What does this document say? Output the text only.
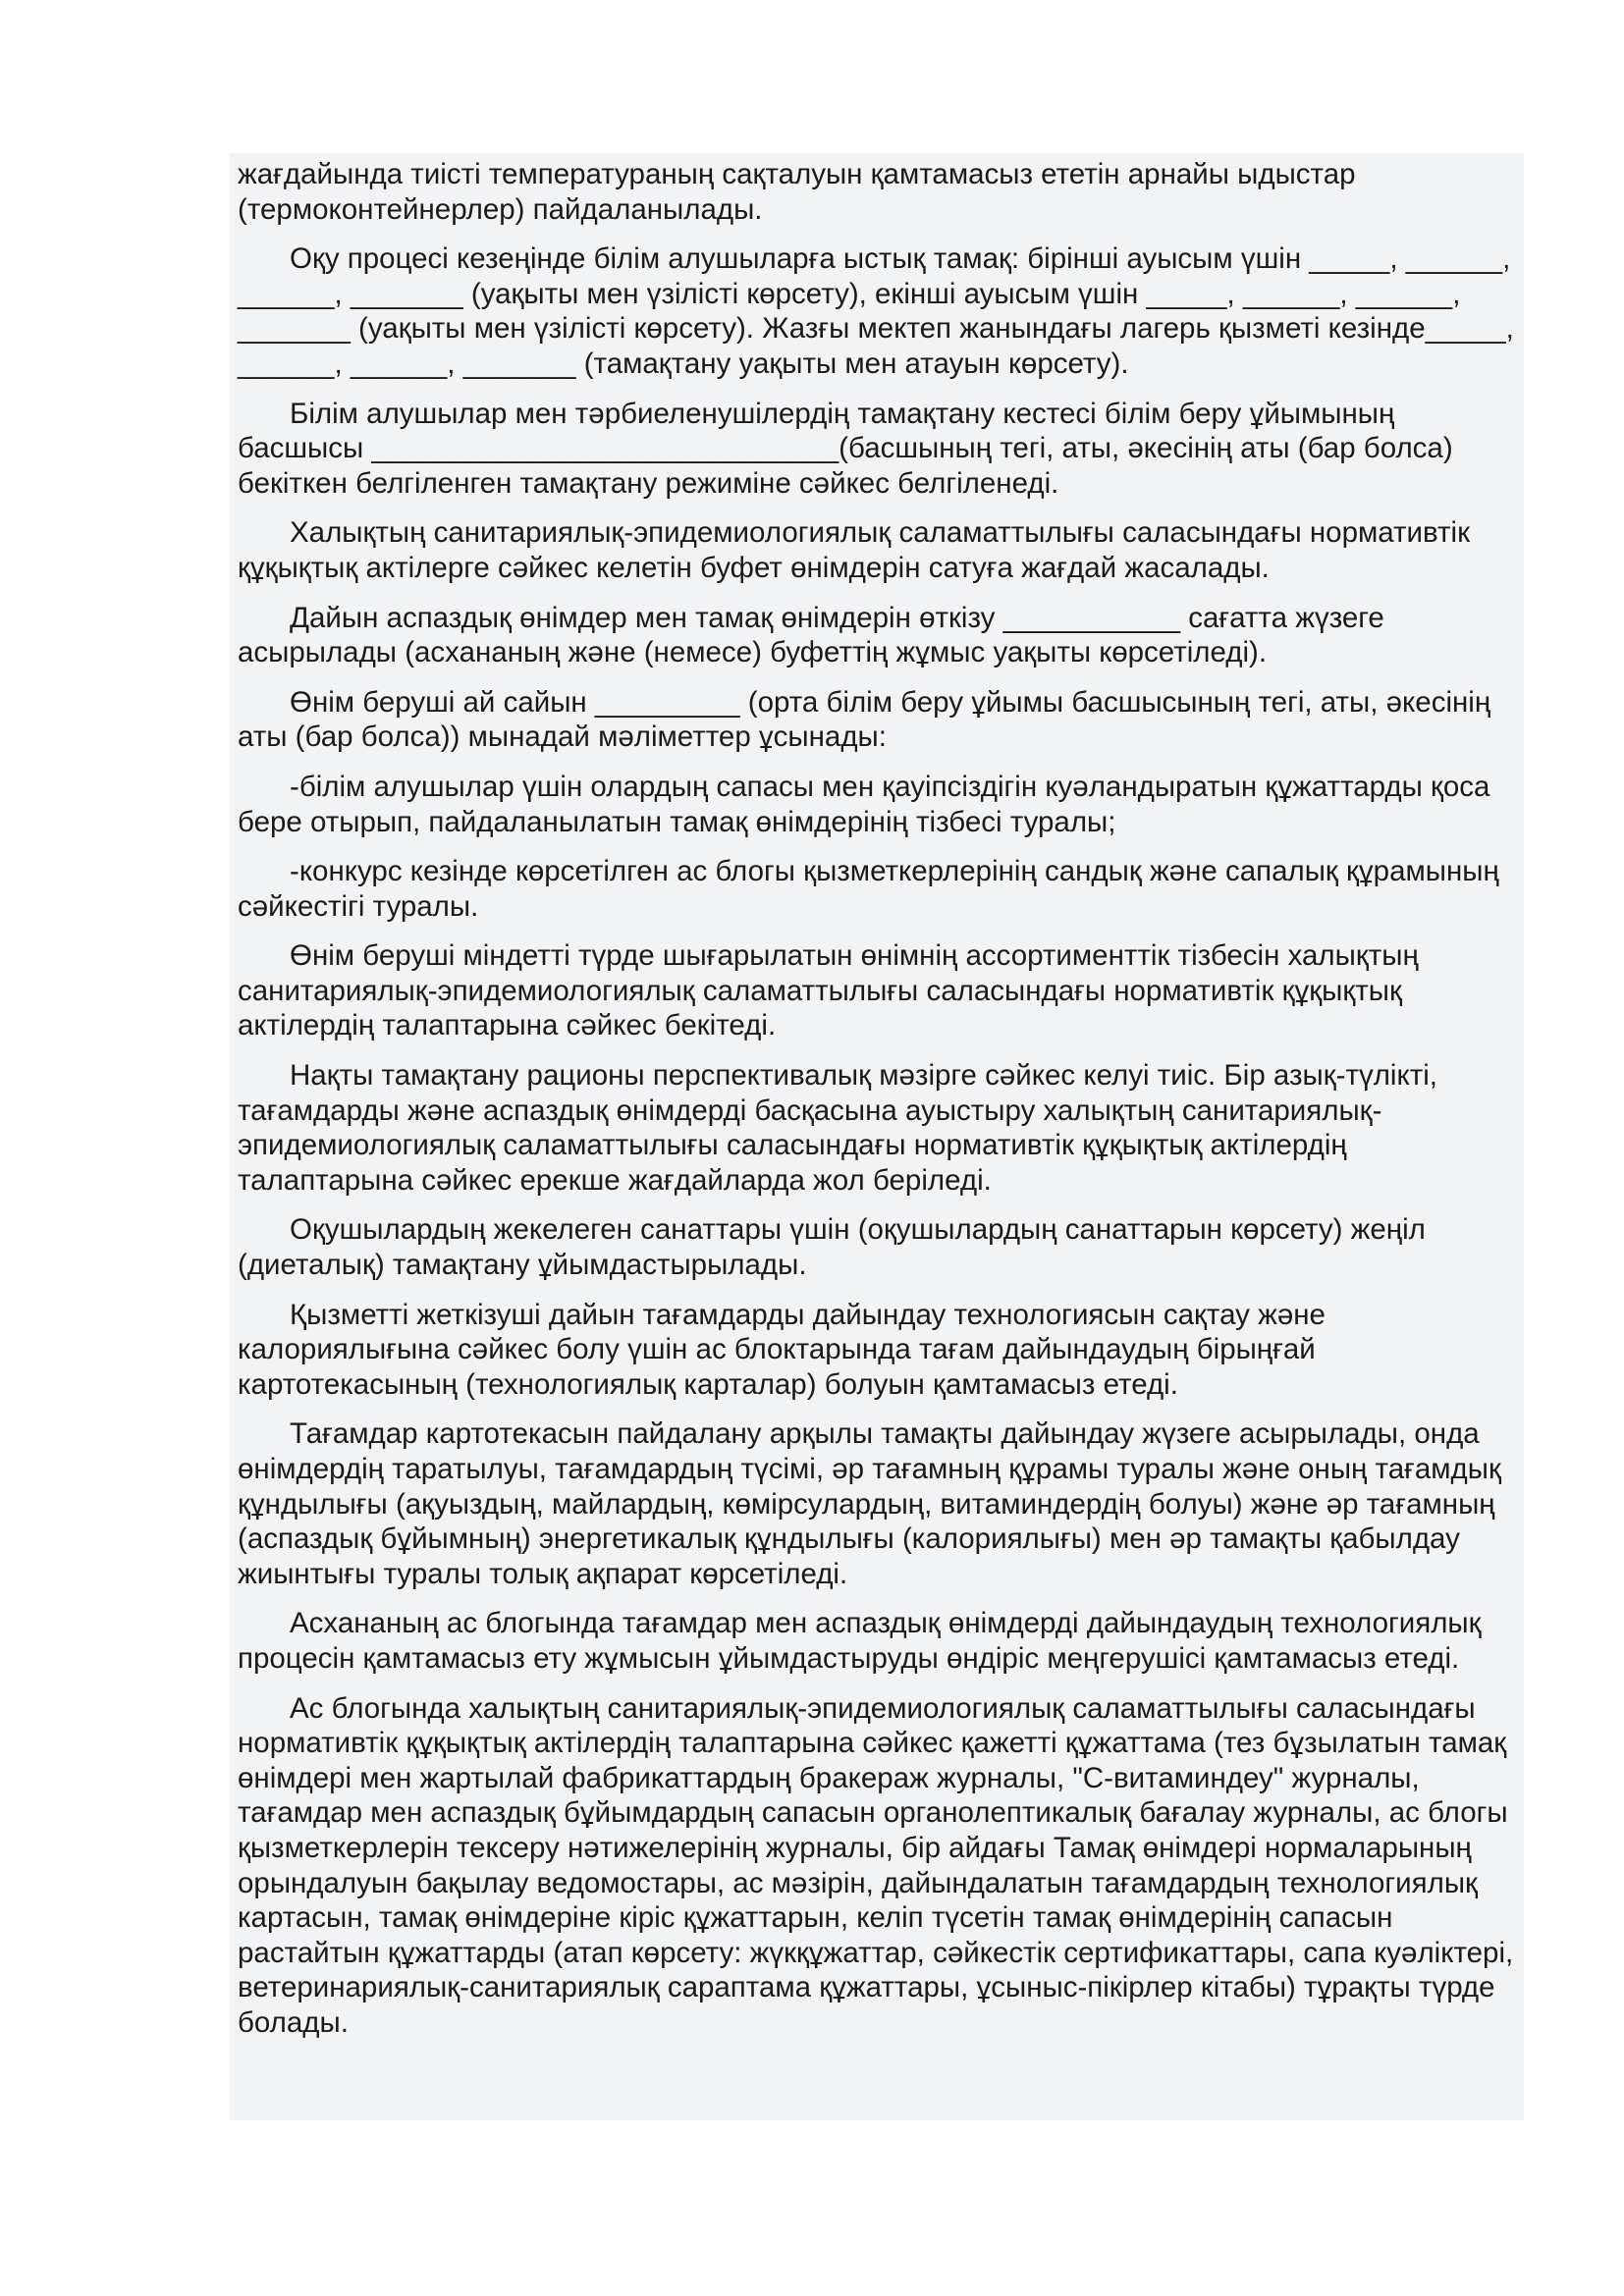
жағдайында тиісті температураның сақталуын қамтамасыз ететін арнайы ыдыстар (термоконтейнерлер) пайдаланылады.

Оқу процесі кезеңінде білім алушыларға ыстық тамақ: бірінші ауысым үшін _____, ______, ______, _______ (уақыты мен үзілісті көрсету), екінші ауысым үшін _____, ______, ______, _______ (уақыты мен үзілісті көрсету). Жазғы мектеп жанындағы лагерь қызметі кезінде_____, ______, ______, _______ (тамақтану уақыты мен атауын көрсету).

Білім алушылар мен тәрбиеленушілердің тамақтану кестесі білім беру ұйымының басшысы _____________________________(басшының тегі, аты, әкесінің аты (бар болса) бекіткен белгіленген тамақтану режиміне сәйкес белгіленеді.

Халықтың санитариялық-эпидемиологиялық саламаттылығы саласындағы нормативтік құқықтық актілерге сәйкес келетін буфет өнімдерін сатуға жағдай жасалады.

Дайын аспаздық өнімдер мен тамақ өнімдерін өткізу ___________ сағатта жүзеге асырылады (асхананың және (немесе) буфеттің жұмыс уақыты көрсетіледі).

Өнім беруші ай сайын _________ (орта білім беру ұйымы басшысының тегі, аты, әкесінің аты (бар болса)) мынадай мәліметтер ұсынады:

-білім алушылар үшін олардың сапасы мен қауіпсіздігін куәландыратын құжаттарды қоса бере отырып, пайдаланылатын тамақ өнімдерінің тізбесі туралы;

-конкурс кезінде көрсетілген ас блогы қызметкерлерінің сандық және сапалық құрамының сәйкестігі туралы.

Өнім беруші міндетті түрде шығарылатын өнімнің ассортименттік тізбесін халықтың санитариялық-эпидемиологиялық саламаттылығы саласындағы нормативтік құқықтық актілердің талаптарына сәйкес бекітеді.

Нақты тамақтану рационы перспективалық мәзірге сәйкес келуі тиіс. Бір азық-түлікті, тағамдарды және аспаздық өнімдерді басқасына ауыстыру халықтың санитариялық-эпидемиологиялық саламаттылығы саласындағы нормативтік құқықтық актілердің талаптарына сәйкес ерекше жағдайларда жол беріледі.

Оқушылардың жекелеген санаттары үшін (оқушылардың санаттарын көрсету) жеңіл (диеталық) тамақтану ұйымдастырылады.

Қызметті жеткізуші дайын тағамдарды дайындау технологиясын сақтау және калориялығына сәйкес болу үшін ас блоктарында тағам дайындаудың бірыңғай картотекасының (технологиялық карталар) болуын қамтамасыз етеді.

Тағамдар картотекасын пайдалану арқылы тамақты дайындау жүзеге асырылады, онда өнімдердің таратылуы, тағамдардың түсімі, әр тағамның құрамы туралы және оның тағамдық құндылығы (ақуыздың, майлардың, көмірсулардың, витаминдердің болуы) және әр тағамның (аспаздық бұйымның) энергетикалық құндылығы (калориялығы) мен әр тамақты қабылдау жиынтығы туралы толық ақпарат көрсетіледі.

Асхананың ас блогында тағамдар мен аспаздық өнімдерді дайындаудың технологиялық процесін қамтамасыз ету жұмысын ұйымдастыруды өндіріс меңгерушісі қамтамасыз етеді.

Ас блогында халықтың санитариялық-эпидемиологиялық саламаттылығы саласындағы нормативтік құқықтық актілердің талаптарына сәйкес қажетті құжаттама (тез бұзылатын тамақ өнімдері мен жартылай фабрикаттардың бракераж журналы, "С-витаминдеу" журналы, тағамдар мен аспаздық бұйымдардың сапасын органолептикалық бағалау журналы, ас блогы қызметкерлерін тексеру нәтижелерінің журналы, бір айдағы Тамақ өнімдері нормаларының орындалуын бақылау ведомостары, ас мәзірін, дайындалатын тағамдардың технологиялық картасын, тамақ өнімдеріне кіріс құжаттарын, келіп түсетін тамақ өнімдерінің сапасын растайтын құжаттарды (атап көрсету: жүкқұжаттар, сәйкестік сертификаттары, сапа куәліктері, ветеринариялық-санитариялық сараптама құжаттары, ұсыныс-пікірлер кітабы) тұрақты түрде болады.
